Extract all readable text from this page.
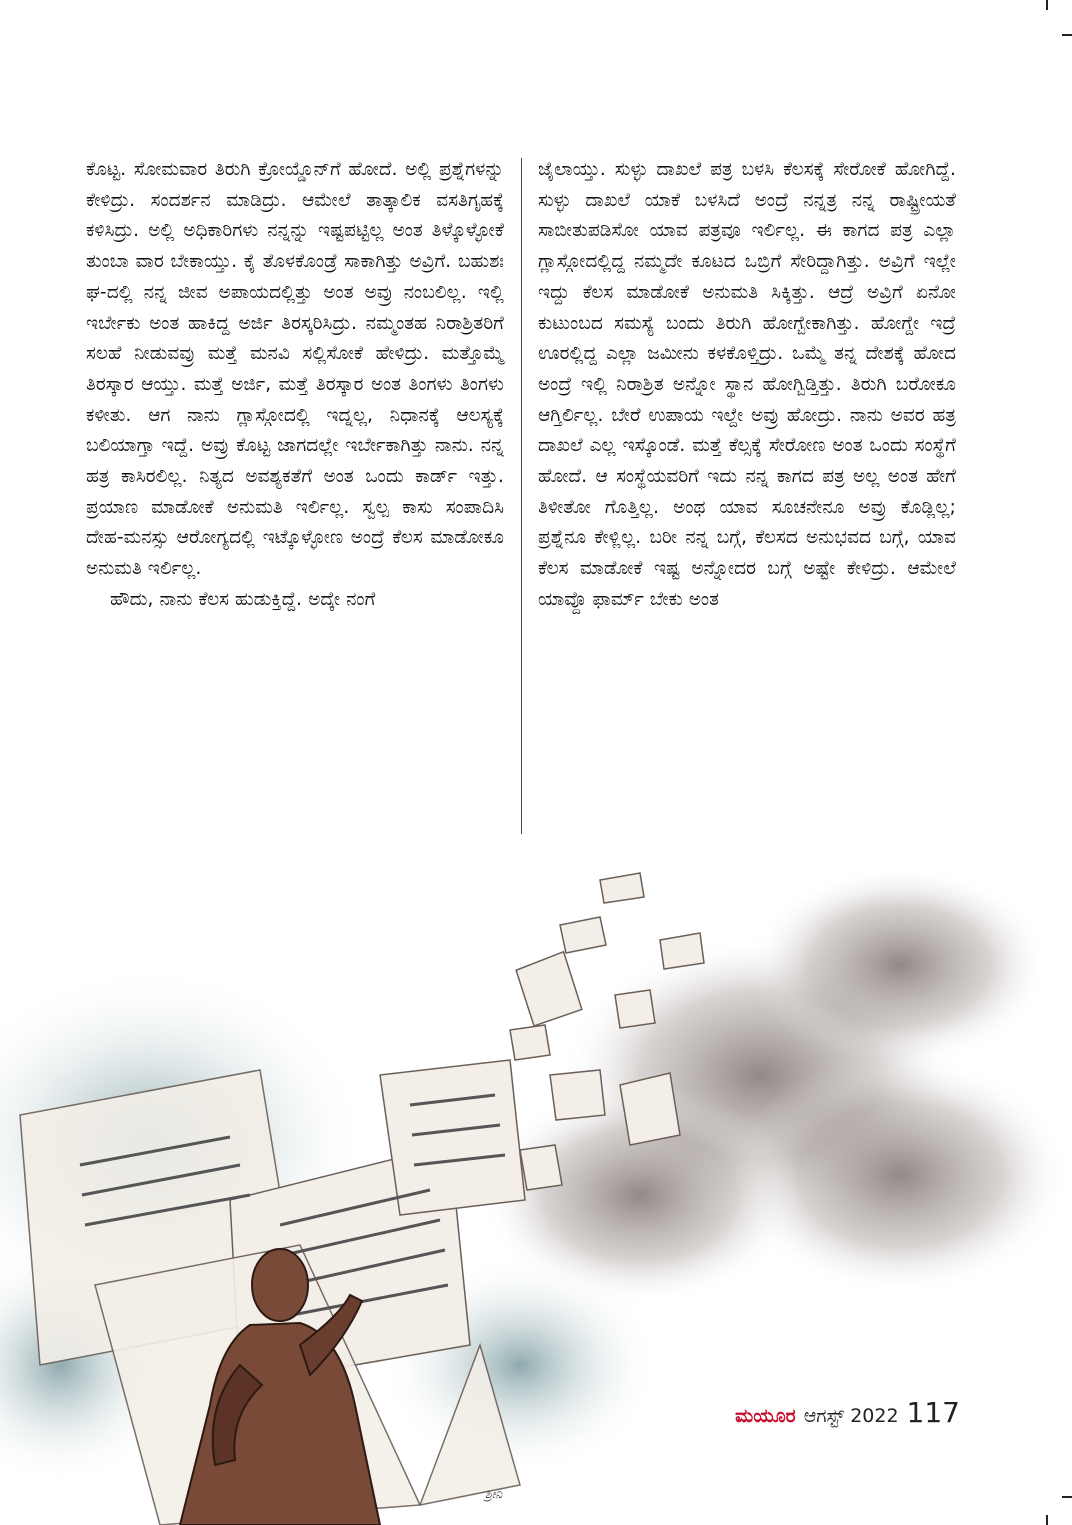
ಕೊಟ್ಟ. ಸೋಮವಾರ ತಿರುಗಿ ಕ್ರೋಯ್ಡೊನ್‌ಗೆ ಹೋದೆ. ಅಲ್ಲಿ ಪ್ರಶ್ನೆಗಳನ್ನು ಕೇಳಿದ್ರು. ಸಂದರ್ಶನ ಮಾಡಿದ್ರು. ಆಮೇಲೆ ತಾತ್ಕಾಲಿಕ ವಸತಿಗೃಹಕ್ಕೆ ಕಳಿಸಿದ್ರು. ಅಲ್ಲಿ ಅಧಿಕಾರಿಗಳು ನನ್ನನ್ನು ಇಷ್ಟಪಟ್ಟಿಲ್ಲ ಅಂತ ತಿಳ್ಕೊಳ್ಳೋಕೆ ತುಂಬಾ ವಾರ ಬೇಕಾಯ್ತು. ಕೈ ತೊಳಕೊಂಡ್ರೆ ಸಾಕಾಗಿತ್ತು ಅವ್ರಿಗೆ. ಬಹುಶಃ ಘ-ದಲ್ಲಿ ನನ್ನ ಜೀವ ಅಪಾಯದಲ್ಲಿತ್ತು ಅಂತ ಅವ್ರು ನಂಬಲಿಲ್ಲ. ಇಲ್ಲಿ ಇರ್ಬೇಕು ಅಂತ ಹಾಕಿದ್ದ ಅರ್ಜಿ ತಿರಸ್ಕರಿಸಿದ್ರು. ನಮ್ಮಂತಹ ನಿರಾಶ್ರಿತರಿಗೆ ಸಲಹೆ ನೀಡುವವ್ರು ಮತ್ತೆ ಮನವಿ ಸಲ್ಲಿಸೋಕೆ ಹೇಳಿದ್ರು. ಮತ್ತೊಮ್ಮೆ ತಿರಸ್ಕಾರ ಆಯ್ತು. ಮತ್ತೆ ಅರ್ಜಿ, ಮತ್ತೆ ತಿರಸ್ಕಾರ ಅಂತ ತಿಂಗಳು ತಿಂಗಳು ಕಳೀತು. ಆಗ ನಾನು ಗ್ಲಾಸ್ಗೋದಲ್ಲಿ ಇದ್ನಲ್ಲ, ನಿಧಾನಕ್ಕೆ ಆಲಸ್ಯಕ್ಕೆ ಬಲಿಯಾಗ್ತಾ ಇದ್ದೆ. ಅವ್ರು ಕೊಟ್ಟ ಜಾಗದಲ್ಲೇ ಇರ್ಬೇಕಾಗಿತ್ತು ನಾನು. ನನ್ನ ಹತ್ರ ಕಾಸಿರಲಿಲ್ಲ. ನಿತ್ಯದ ಅವಶ್ಯಕತೆಗೆ ಅಂತ ಒಂದು ಕಾರ್ಡ್ ಇತ್ತು. ಪ್ರಯಾಣ ಮಾಡೋಕೆ ಅನುಮತಿ ಇರ್ಲಿಲ್ಲ. ಸ್ವಲ್ಪ ಕಾಸು ಸಂಪಾದಿಸಿ ದೇಹ-ಮನಸ್ಸು ಆರೋಗ್ಯದಲ್ಲಿ ಇಟ್ಕೊಳ್ಳೋಣ ಅಂದ್ರೆ ಕೆಲಸ ಮಾಡೋಕೂ ಅನುಮತಿ ಇರ್ಲಿಲ್ಲ.

ಹೌದು, ನಾನು ಕೆಲಸ ಹುಡುಕ್ತಿದ್ದೆ. ಅದ್ಕೇ ನಂಗೆ

ಜೈಲಾಯ್ತು. ಸುಳ್ಳು ದಾಖಲೆ ಪತ್ರ ಬಳಸಿ ಕೆಲಸಕ್ಕೆ ಸೇರೋಕೆ ಹೋಗಿದ್ದೆ. ಸುಳ್ಳು ದಾಖಲೆ ಯಾಕೆ ಬಳಸಿದೆ ಅಂದ್ರೆ ನನ್ನತ್ರ ನನ್ನ ರಾಷ್ಟ್ರೀಯತೆ ಸಾಬೀತುಪಡಿಸೋ ಯಾವ ಪತ್ರವೂ ಇರ್ಲಿಲ್ಲ. ಈ ಕಾಗದ ಪತ್ರ ಎಲ್ಲಾ ಗ್ಲಾಸ್ಗೋದಲ್ಲಿದ್ದ ನಮ್ಮದೇ ಕೂಟದ ಒಬ್ರಿಗೆ ಸೇರಿದ್ದಾಗಿತ್ತು. ಅವ್ರಿಗೆ ಇಲ್ಲೇ ಇದ್ದು ಕೆಲಸ ಮಾಡೋಕೆ ಅನುಮತಿ ಸಿಕ್ಕಿತ್ತು. ಆದ್ರೆ ಅವ್ರಿಗೆ ಏನೋ ಕುಟುಂಬದ ಸಮಸ್ಯೆ ಬಂದು ತಿರುಗಿ ಹೋಗ್ಬೇಕಾಗಿತ್ತು. ಹೋಗ್ದೇ ಇದ್ರೆ ಊರಲ್ಲಿದ್ದ ಎಲ್ಲಾ ಜಮೀನು ಕಳಕೊಳ್ತಿದ್ರು. ಒಮ್ಮೆ ತನ್ನ ದೇಶಕ್ಕೆ ಹೋದ ಅಂದ್ರೆ ಇಲ್ಲಿ ನಿರಾಶ್ರಿತ ಅನ್ನೋ ಸ್ಥಾನ ಹೋಗ್ಬಿಡ್ತಿತ್ತು. ತಿರುಗಿ ಬರೋಕೂ ಆಗ್ತಿರ್ಲಿಲ್ಲ. ಬೇರೆ ಉಪಾಯ ಇಲ್ದೇ ಅವ್ರು ಹೋದ್ರು. ನಾನು ಅವರ ಹತ್ರ ದಾಖಲೆ ಎಲ್ಲ ಇಸ್ಕೊಂಡೆ. ಮತ್ತೆ ಕೆಲ್ಸಕ್ಕೆ ಸೇರೋಣ ಅಂತ ಒಂದು ಸಂಸ್ಥೆಗೆ ಹೋದೆ. ಆ ಸಂಸ್ಥೆಯವರಿಗೆ ಇದು ನನ್ನ ಕಾಗದ ಪತ್ರ ಅಲ್ಲ ಅಂತ ಹೇಗೆ ತಿಳೀತೋ ಗೊತ್ತಿಲ್ಲ. ಅಂಥ ಯಾವ ಸೂಚನೇನೂ ಅವ್ರು ಕೊಡ್ಲಿಲ್ಲ; ಪ್ರಶ್ನೆನೂ ಕೇಳ್ಲಿಲ್ಲ. ಬರೀ ನನ್ನ ಬಗ್ಗೆ, ಕೆಲಸದ ಅನುಭವದ ಬಗ್ಗೆ, ಯಾವ ಕೆಲಸ ಮಾಡೋಕೆ ಇಷ್ಟ ಅನ್ನೋದರ ಬಗ್ಗೆ ಅಷ್ಟೇ ಕೇಳಿದ್ರು. ಆಮೇಲೆ ಯಾವ್ದೊ ಫಾರ್ಮ್ ಬೇಕು ಅಂತ

ಶ್ರೀನಿ
ಮಯೂರ ಆಗಸ್ಟ್ 2022 117
